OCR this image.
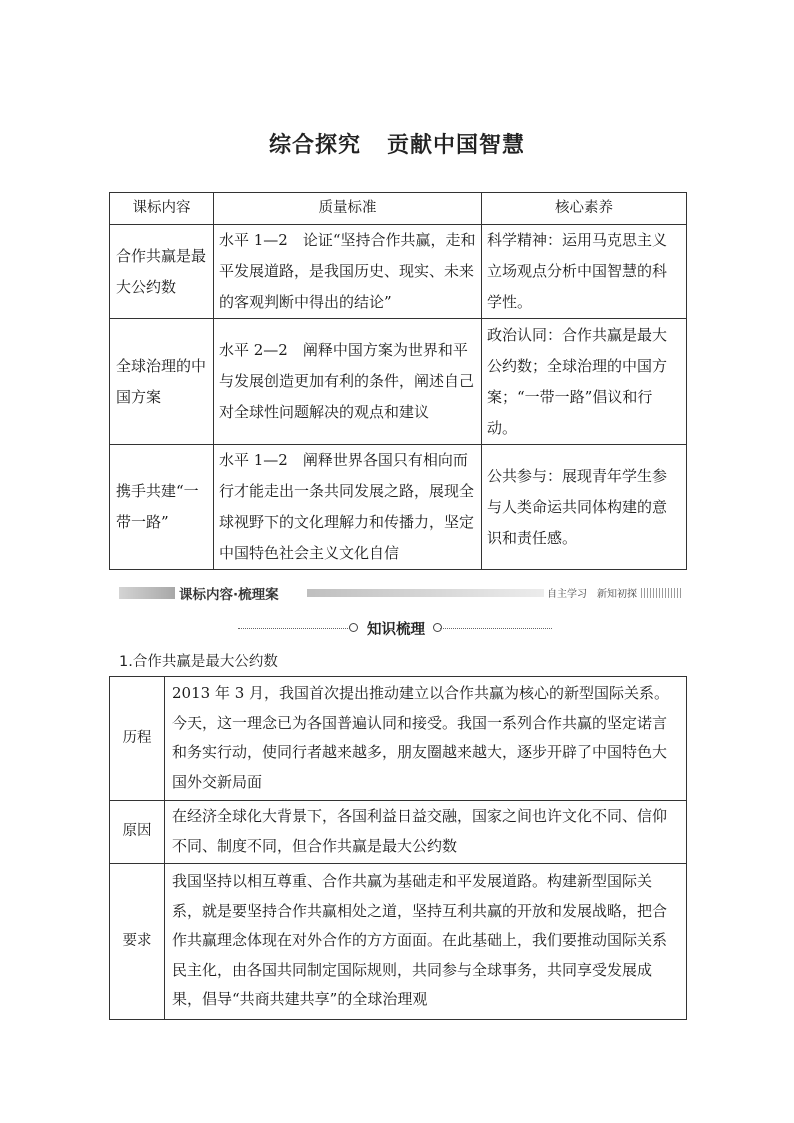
综合探究 贡献中国智慧
课标内容	质量标准	核心素养
合作共赢是最大公约数	水平 1—2　论证“坚持合作共赢，走和平发展道路，是我国历史、现实、未来的客观判断中得出的结论”	科学精神：运用马克思主义立场观点分析中国智慧的科学性。
全球治理的中国方案	水平 2—2　阐释中国方案为世界和平与发展创造更加有利的条件，阐述自己对全球性问题解决的观点和建议	政治认同：合作共赢是最大公约数；全球治理的中国方案；“一带一路”倡议和行动。
携手共建“一带一路”	水平 1—2　阐释世界各国只有相向而行才能走出一条共同发展之路，展现全球视野下的文化理解力和传播力，坚定中国特色社会主义文化自信	公共参与：展现青年学生参与人类命运共同体构建的意识和责任感。
课标内容·梳理案	自主学习　新知初探
知识梳理
1.合作共赢是最大公约数
历程	2013 年 3 月，我国首次提出推动建立以合作共赢为核心的新型国际关系。今天，这一理念已为各国普遍认同和接受。我国一系列合作共赢的坚定诺言和务实行动，使同行者越来越多，朋友圈越来越大，逐步开辟了中国特色大国外交新局面
原因	在经济全球化大背景下，各国利益日益交融，国家之间也许文化不同、信仰不同、制度不同，但合作共赢是最大公约数
要求	我国坚持以相互尊重、合作共赢为基础走和平发展道路。构建新型国际关系，就是要坚持合作共赢相处之道，坚持互利共赢的开放和发展战略，把合作共赢理念体现在对外合作的方方面面。在此基础上，我们要推动国际关系民主化，由各国共同制定国际规则，共同参与全球事务，共同享受发展成果，倡导“共商共建共享”的全球治理观
